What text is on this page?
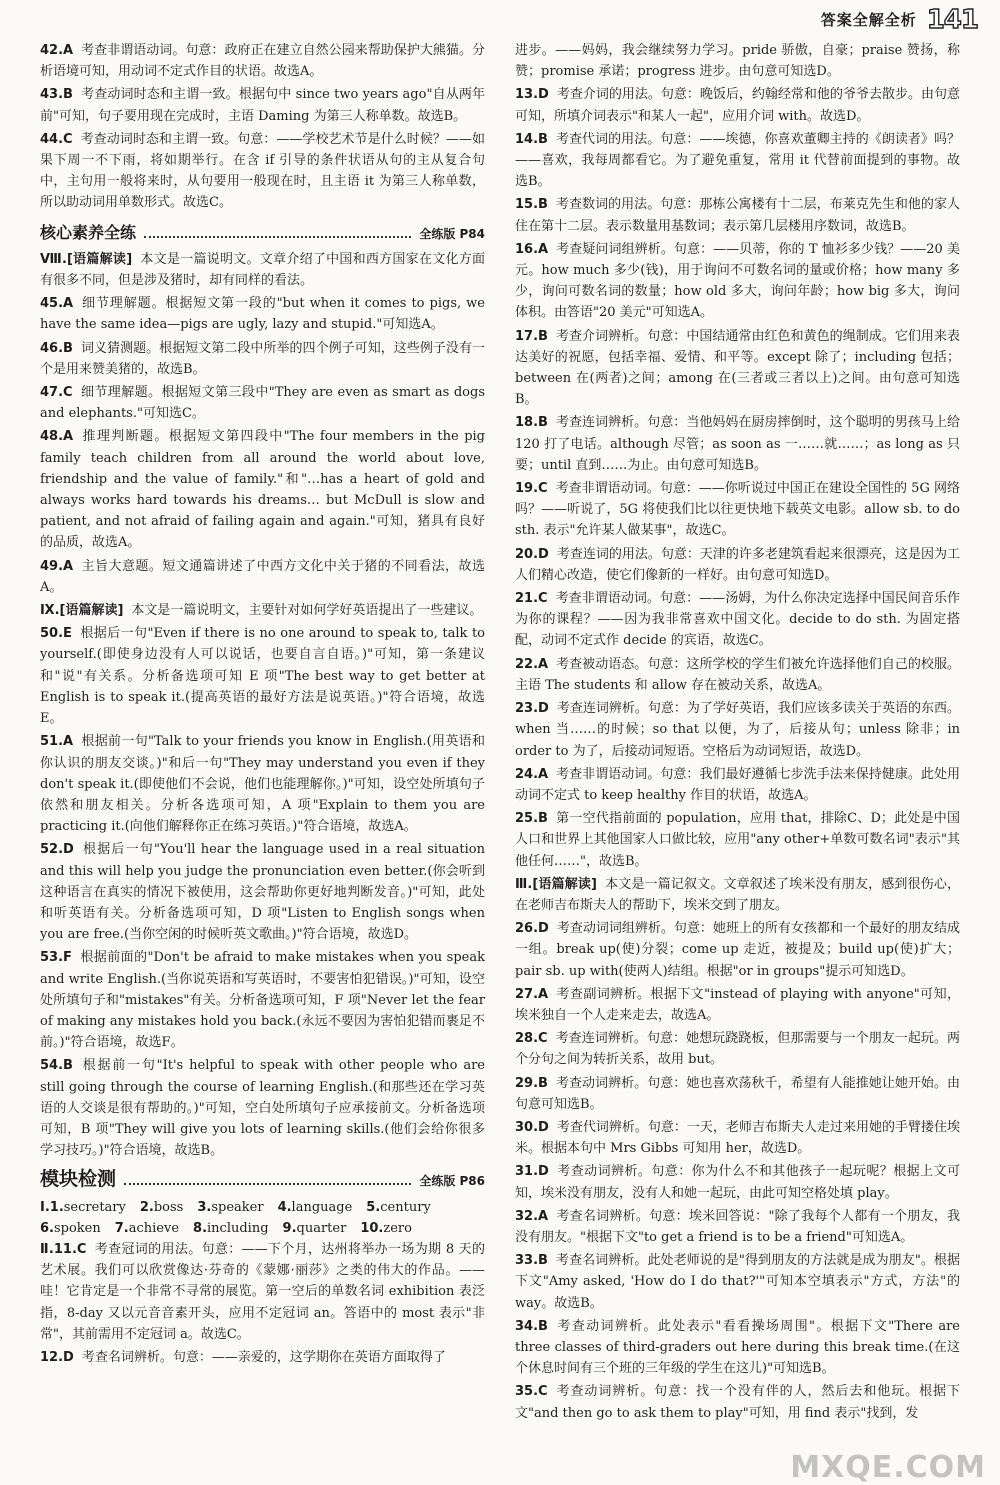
答案全解全析 141

42.A 考查非谓语动词。句意：政府正在建立自然公园来帮助保护大熊猫。分析语境可知，用动词不定式作目的状语。故选A。

43.B 考查动词时态和主谓一致。根据句中 since two years ago"自从两年前"可知，句子要用现在完成时，主语 Daming 为第三人称单数。故选B。

44.C 考查动词时态和主谓一致。句意：——学校艺术节是什么时候？——如果下周一不下雨，将如期举行。在含 if 引导的条件状语从句的主从复合句中，主句用一般将来时，从句要用一般现在时，且主语 it 为第三人称单数，所以助动词用单数形式。故选C。

核心素养全练	全练版 P84

Ⅷ.[语篇解读] 本文是一篇说明文。文章介绍了中国和西方国家在文化方面有很多不同，但是涉及猪时，却有同样的看法。

45.A 细节理解题。根据短文第一段的"but when it comes to pigs, we have the same idea—pigs are ugly, lazy and stupid."可知选A。

46.B 词义猜测题。根据短文第二段中所举的四个例子可知，这些例子没有一个是用来赞美猪的，故选B。

47.C 细节理解题。根据短文第三段中"They are even as smart as dogs and elephants."可知选C。

48.A 推理判断题。根据短文第四段中"The four members in the pig family teach children from all around the world about love, friendship and the value of family."和"…has a heart of gold and always works hard towards his dreams… but McDull is slow and patient, and not afraid of failing again and again."可知，猪具有良好的品质，故选A。

49.A 主旨大意题。短文通篇讲述了中西方文化中关于猪的不同看法，故选A。

Ⅸ.[语篇解读] 本文是一篇说明文，主要针对如何学好英语提出了一些建议。

50.E 根据后一句"Even if there is no one around to speak to, talk to yourself.(即使身边没有人可以说话，也要自言自语。)"可知，第一条建议和"说"有关系。分析备选项可知 E 项"The best way to get better at English is to speak it.(提高英语的最好方法是说英语。)"符合语境，故选E。

51.A 根据前一句"Talk to your friends you know in English.(用英语和你认识的朋友交谈。)"和后一句"They may understand you even if they don't speak it.(即使他们不会说，他们也能理解你。)"可知，设空处所填句子依然和朋友相关。分析各选项可知，A 项"Explain to them you are practicing it.(向他们解释你正在练习英语。)"符合语境，故选A。

52.D 根据后一句"You'll hear the language used in a real situation and this will help you judge the pronunciation even better.(你会听到这种语言在真实的情况下被使用，这会帮助你更好地判断发音。)"可知，此处和听英语有关。分析备选项可知，D 项"Listen to English songs when you are free.(当你空闲的时候听英文歌曲。)"符合语境，故选D。

53.F 根据前面的"Don't be afraid to make mistakes when you speak and write English.(当你说英语和写英语时，不要害怕犯错误。)"可知，设空处所填句子和"mistakes"有关。分析备选项可知，F 项"Never let the fear of making any mistakes hold you back.(永远不要因为害怕犯错而裹足不前。)"符合语境，故选F。

54.B 根据前一句"It's helpful to speak with other people who are still going through the course of learning English.(和那些还在学习英语的人交谈是很有帮助的。)"可知，空白处所填句子应承接前文。分析备选项可知，B 项"They will give you lots of learning skills.(他们会给你很多学习技巧。)"符合语境，故选B。

模块检测	全练版 P86
Ⅰ.1.secretary 2.boss 3.speaker 4.language 5.century
6.spoken 7.achieve 8.including 9.quarter 10.zero

Ⅱ.11.C 考查冠词的用法。句意：——下个月，达州将举办一场为期 8 天的艺术展。我们可以欣赏像达·芬奇的《蒙娜·丽莎》之类的伟大的作品。——哇！它肯定是一个非常不寻常的展览。第一空后的单数名词 exhibition 表泛指，8-day 又以元音音素开头，应用不定冠词 an。答语中的 most 表示"非常"，其前需用不定冠词 a。故选C。

12.D 考查名词辨析。句意：——亲爱的，这学期你在英语方面取得了

进步。——妈妈，我会继续努力学习。pride 骄傲，自豪；praise 赞扬，称赞；promise 承诺；progress 进步。由句意可知选D。

13.D 考查介词的用法。句意：晚饭后，约翰经常和他的爷爷去散步。由句意可知，所填介词表示"和某人一起"，应用介词 with。故选D。

14.B 考查代词的用法。句意：——埃德，你喜欢董卿主持的《朗读者》吗？——喜欢，我每周都看它。为了避免重复，常用 it 代替前面提到的事物。故选B。

15.B 考查数词的用法。句意：那栋公寓楼有十二层，布莱克先生和他的家人住在第十二层。表示数量用基数词；表示第几层楼用序数词，故选B。

16.A 考查疑问词组辨析。句意：——贝蒂，你的 T 恤衫多少钱？——20 美元。how much 多少(钱)，用于询问不可数名词的量或价格；how many 多少，询问可数名词的数量；how old 多大，询问年龄；how big 多大，询问体积。由答语"20 美元"可知选A。

17.B 考查介词辨析。句意：中国结通常由红色和黄色的绳制成。它们用来表达美好的祝愿，包括幸福、爱情、和平等。except 除了；including 包括；between 在(两者)之间；among 在(三者或三者以上)之间。由句意可知选B。

18.B 考查连词辨析。句意：当他妈妈在厨房摔倒时，这个聪明的男孩马上给 120 打了电话。although 尽管；as soon as 一……就……；as long as 只要；until 直到……为止。由句意可知选B。

19.C 考查非谓语动词。句意：——你听说过中国正在建设全国性的 5G 网络吗？——听说了，5G 将使我们比以往更快地下载英文电影。allow sb. to do sth. 表示"允许某人做某事"，故选C。

20.D 考查连词的用法。句意：天津的许多老建筑看起来很漂亮，这是因为工人们精心改造，使它们像新的一样好。由句意可知选D。

21.C 考查非谓语动词。句意：——汤姆，为什么你决定选择中国民间音乐作为你的课程？——因为我非常喜欢中国文化。decide to do sth. 为固定搭配，动词不定式作 decide 的宾语，故选C。

22.A 考查被动语态。句意：这所学校的学生们被允许选择他们自己的校服。主语 The students 和 allow 存在被动关系，故选A。

23.D 考查连词辨析。句意：为了学好英语，我们应该多读关于英语的东西。when 当……的时候；so that 以便，为了，后接从句；unless 除非；in order to 为了，后接动词短语。空格后为动词短语，故选D。

24.A 考查非谓语动词。句意：我们最好遵循七步洗手法来保持健康。此处用动词不定式 to keep healthy 作目的状语，故选A。

25.B 第一空代指前面的 population，应用 that，排除C、D；此处是中国人口和世界上其他国家人口做比较，应用"any other+单数可数名词"表示"其他任何……"，故选B。

Ⅲ.[语篇解读] 本文是一篇记叙文。文章叙述了埃米没有朋友，感到很伤心，在老师吉布斯夫人的帮助下，埃米交到了朋友。

26.D 考查动词词组辨析。句意：她班上的所有女孩都和一个最好的朋友结成一组。break up(使)分裂；come up 走近，被提及；build up(使)扩大；pair sb. up with(使两人)结组。根据"or in groups"提示可知选D。

27.A 考查副词辨析。根据下文"instead of playing with anyone"可知，埃米独自一个人走来走去，故选A。

28.C 考查连词辨析。句意：她想玩跷跷板，但那需要与一个朋友一起玩。两个分句之间为转折关系，故用 but。

29.B 考查动词辨析。句意：她也喜欢荡秋千，希望有人能推她让她开始。由句意可知选B。

30.D 考查代词辨析。句意：一天，老师吉布斯夫人走过来用她的手臂搂住埃米。根据本句中 Mrs Gibbs 可知用 her，故选D。

31.D 考查动词辨析。句意：你为什么不和其他孩子一起玩呢？根据上文可知，埃米没有朋友，没有人和她一起玩，由此可知空格处填 play。

32.A 考查名词辨析。句意：埃米回答说："除了我每个人都有一个朋友，我没有朋友。"根据下文"to get a friend is to be a friend"可知选A。

33.B 考查名词辨析。此处老师说的是"得到朋友的方法就是成为朋友"。根据下文"Amy asked, 'How do I do that?'"可知本空填表示"方式，方法"的 way。故选B。

34.B 考查动词辨析。此处表示"看看操场周围"。根据下文"There are three classes of third-graders out here during this break time.(在这个休息时间有三个班的三年级的学生在这儿)"可知选B。

35.C 考查动词辨析。句意：找一个没有伴的人，然后去和他玩。根据下文"and then go to ask them to play"可知，用 find 表示"找到，发

MXQE.COM
